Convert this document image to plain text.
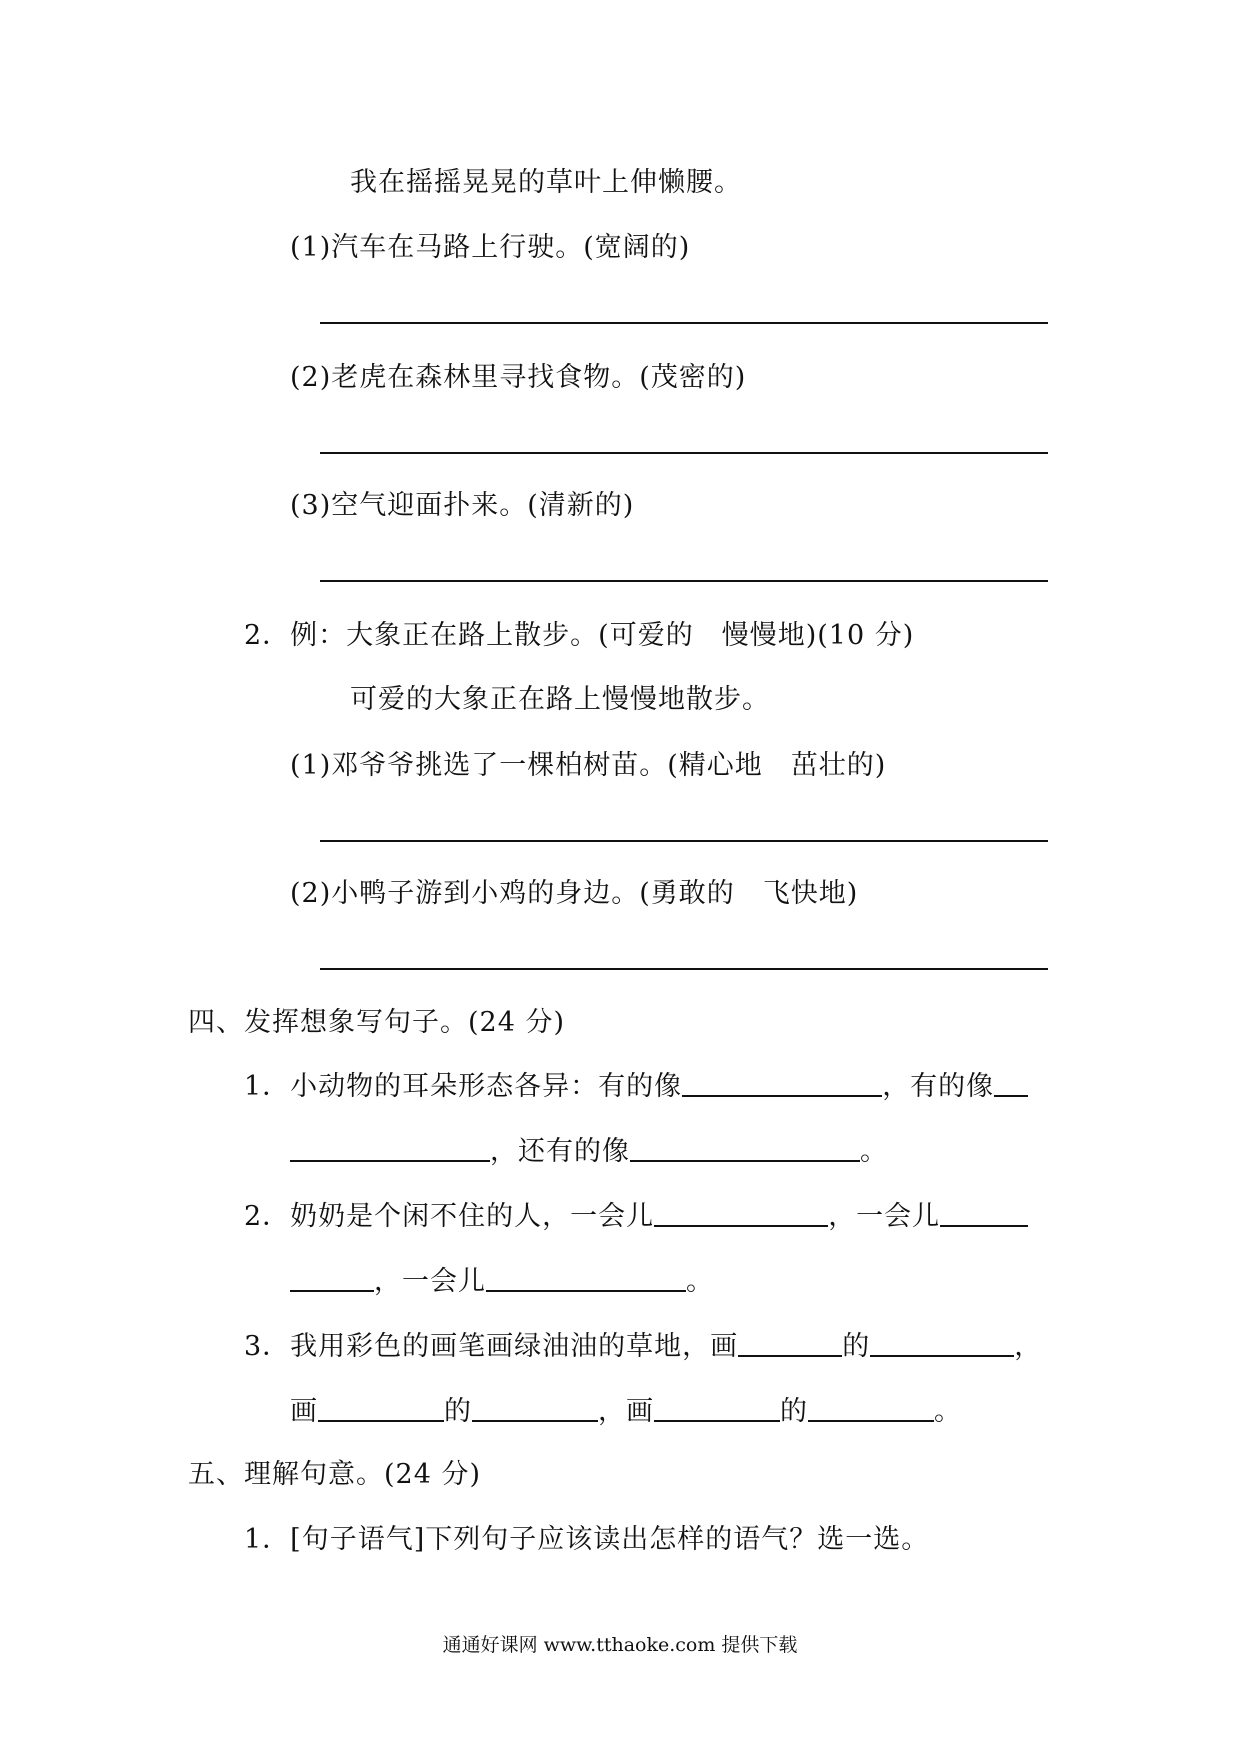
我在摇摇晃晃的草叶上伸懒腰。
(1)汽车在马路上行驶。(宽阔的)
(2)老虎在森林里寻找食物。(茂密的)
(3)空气迎面扑来。(清新的)
2．例：大象正在路上散步。(可爱的　慢慢地)(10 分)
可爱的大象正在路上慢慢地散步。
(1)邓爷爷挑选了一棵柏树苗。(精心地　茁壮的)
(2)小鸭子游到小鸡的身边。(勇敢的　飞快地)
四、发挥想象写句子。(24 分)
1．小动物的耳朵形态各异：有的像	，有的像
，还有的像	。
2．奶奶是个闲不住的人，一会儿	，一会儿
，一会儿	。
3．我用彩色的画笔画绿油油的草地，画	的	，
画	的	，画	的	。
五、理解句意。(24 分)
1．[句子语气]下列句子应该读出怎样的语气？选一选。
通通好课网 www.tthaoke.com 提供下载
